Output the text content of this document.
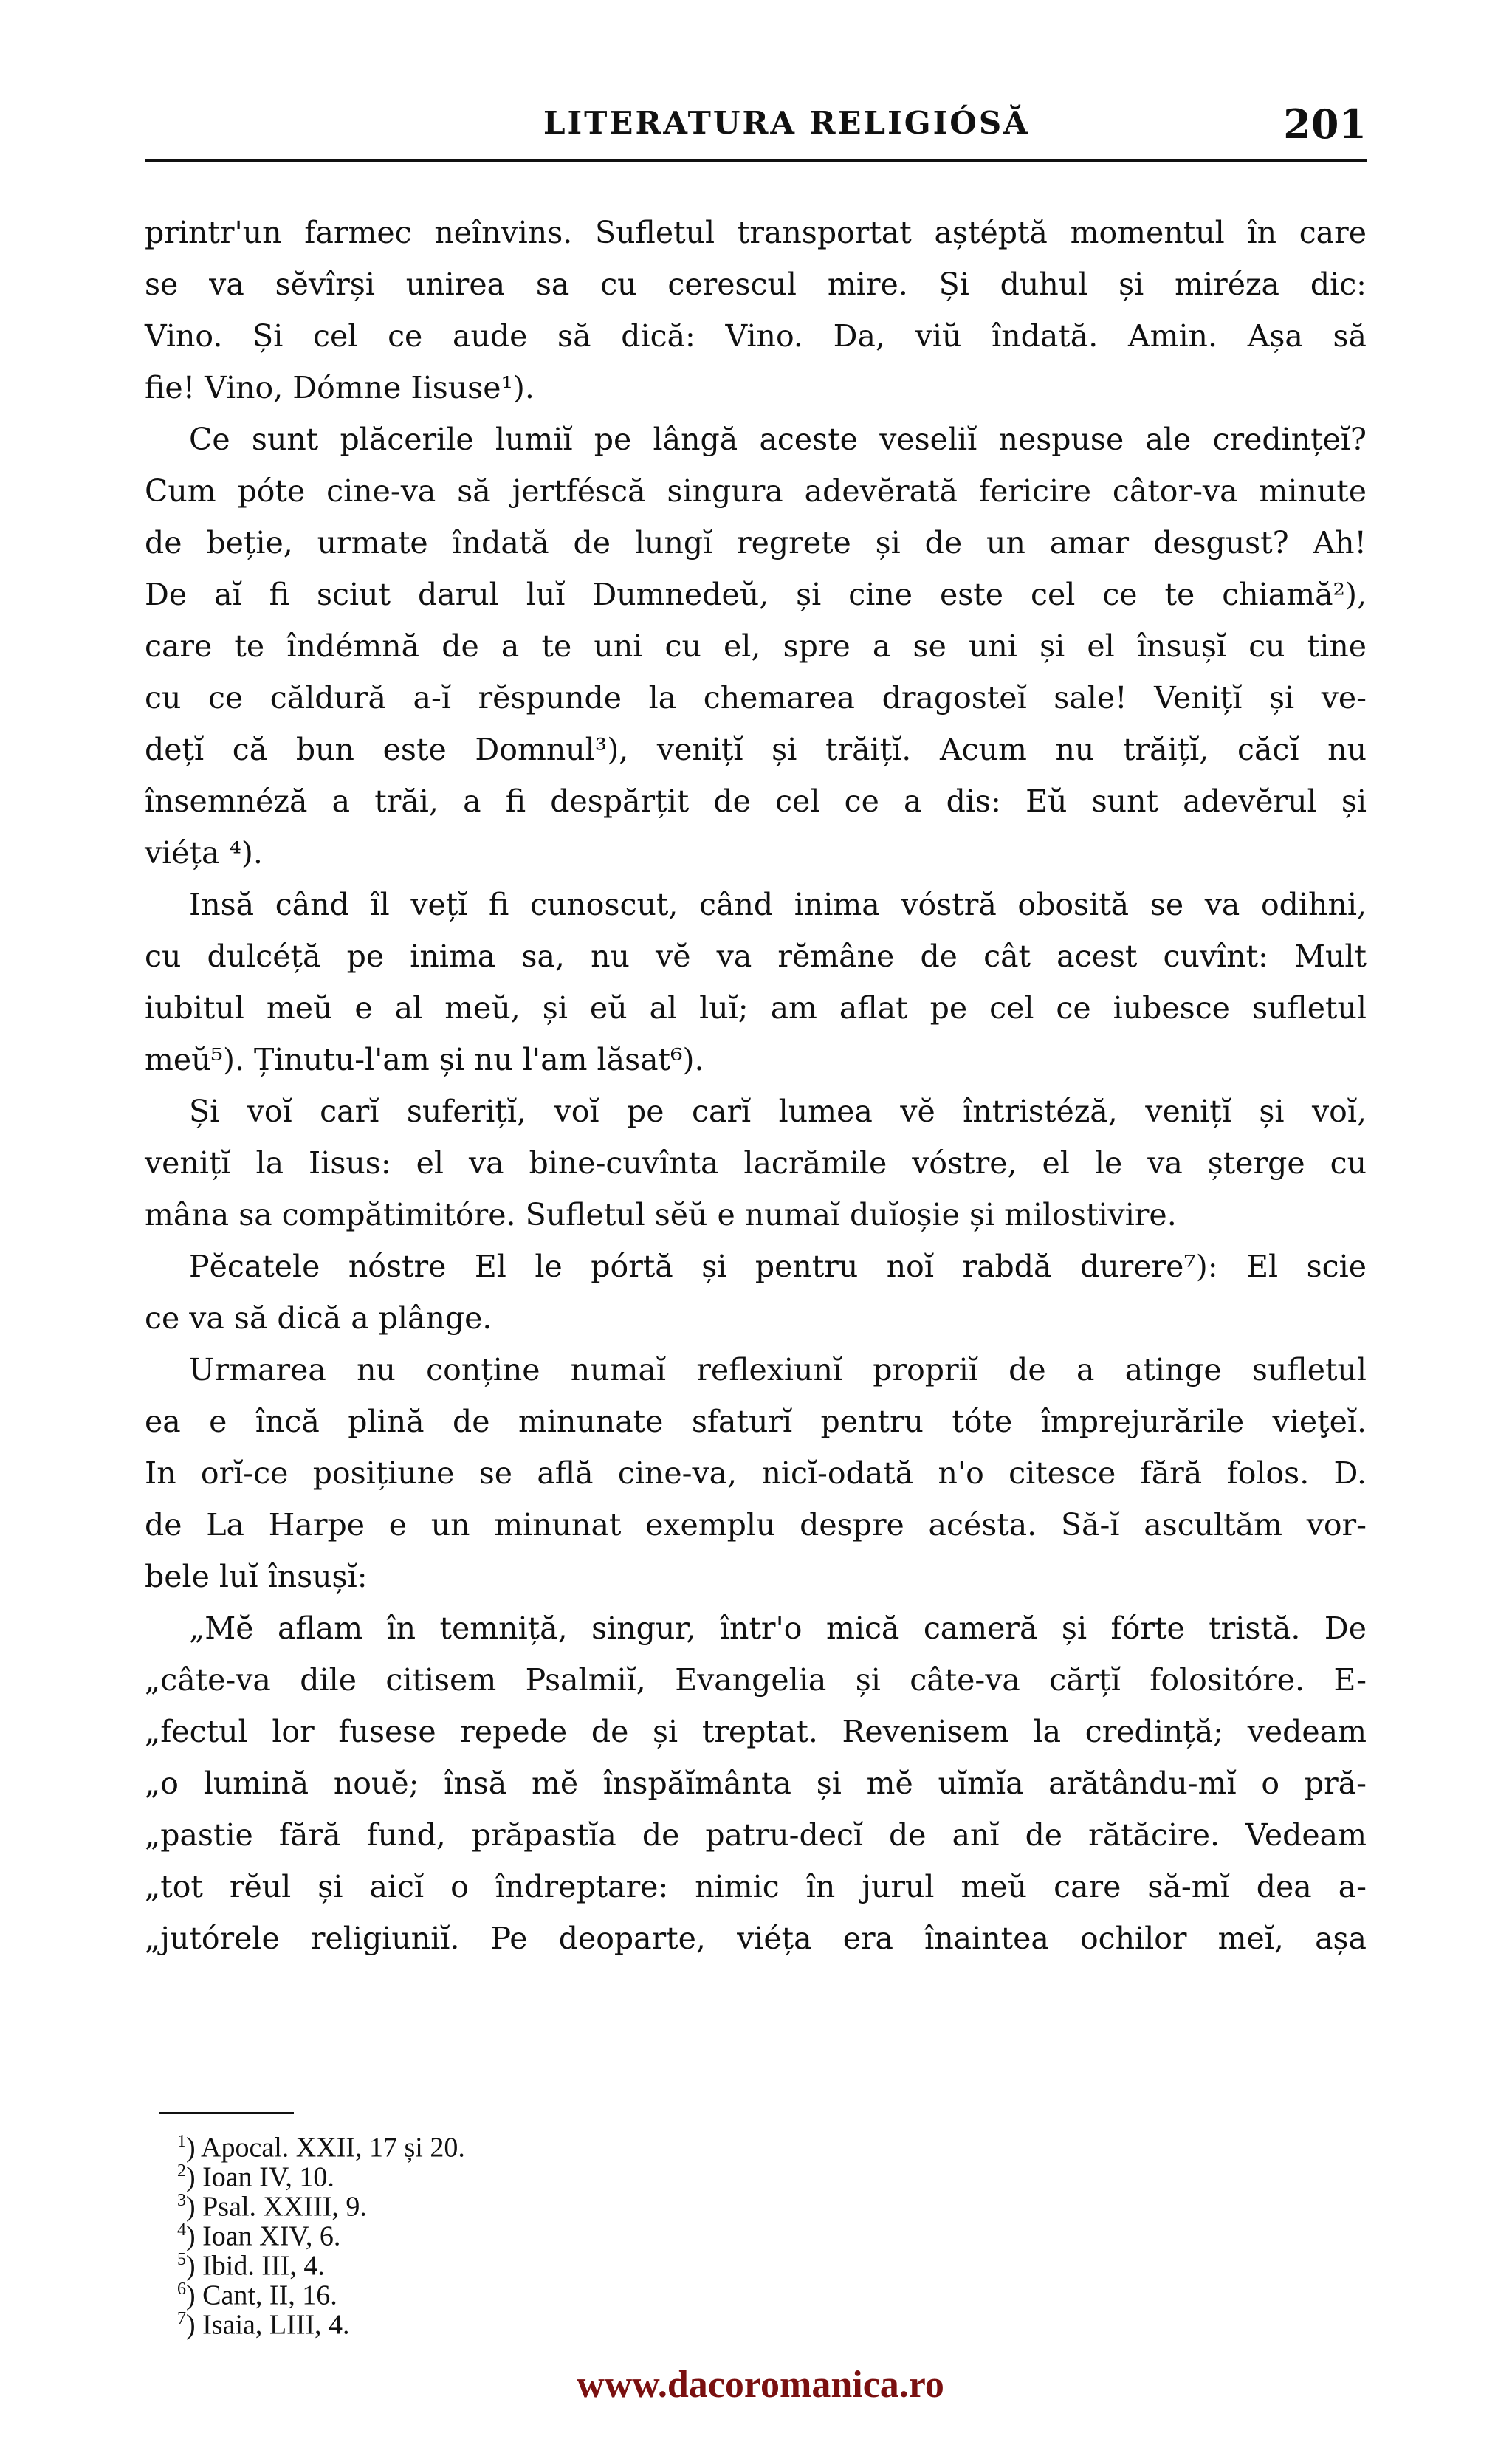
LITERATURA RELIGIÓSĂ	201
printr'un farmec neînvins. Sufletul transportat aștéptă momentul în care
se va sĕvîrși unirea sa cu cerescul mire. Și duhul și miréza dic:
Vino. Și cel ce aude să dică: Vino. Da, viŭ îndată. Amin. Așa să
fie! Vino, Dómne Iisuse¹).
Ce sunt plăcerile lumiĭ pe lângă aceste veseliĭ nespuse ale credințeĭ?
Cum póte cine-va să jertféscă singura adevĕrată fericire câtor-va minute
de beție, urmate îndată de lungĭ regrete și de un amar desgust? Ah!
De aĭ fi sciut darul luĭ Dumnedeŭ, și cine este cel ce te chiamă²),
care te îndémnă de a te uni cu el, spre a se uni și el însușĭ cu tine
cu ce căldură a-ĭ rĕspunde la chemarea dragosteĭ sale! Venițĭ și ve-
dețĭ că bun este Domnul³), venițĭ și trăițĭ. Acum nu trăițĭ, căcĭ nu
însemnéză a trăi, a fi despărțit de cel ce a dis: Eŭ sunt adevĕrul și
viéța ⁴).
Insă când îl vețĭ fi cunoscut, când inima vóstră obosită se va odihni,
cu dulcéță pe inima sa, nu vĕ va rĕmâne de cât acest cuvînt: Mult
iubitul meŭ e al meŭ, și eŭ al luĭ; am aflat pe cel ce iubesce sufletul
meŭ⁵). Ținutu-l'am și nu l'am lăsat⁶).
Și voĭ carĭ suferițĭ, voĭ pe carĭ lumea vĕ întristéză, venițĭ și voĭ,
venițĭ la Iisus: el va bine-cuvînta lacrămile vóstre, el le va șterge cu
mâna sa compătimitóre. Sufletul sĕŭ e numaĭ duĭoșie și milostivire.
Pĕcatele nóstre El le pórtă și pentru noĭ rabdă durere⁷): El scie
ce va să dică a plânge.
Urmarea nu conține numaĭ reflexiunĭ propriĭ de a atinge sufletul
ea e încă plină de minunate sfaturĭ pentru tóte împrejurările vieţeĭ.
In orĭ-ce posițiune se află cine-va, nicĭ-odată n'o citesce fără folos. D.
de La Harpe e un minunat exemplu despre acésta. Să-ĭ ascultăm vor-
bele luĭ însușĭ:
„Mĕ aflam în temniță, singur, într'o mică cameră și fórte tristă. De
„câte-va dile citisem Psalmiĭ, Evangelia și câte-va cărțĭ folositóre. E-
„fectul lor fusese repede de și treptat. Revenisem la credință; vedeam
„o lumină nouĕ; însă mĕ înspăĭmânta și mĕ uĭmĭa arătându-mĭ o pră-
„pastie fără fund, prăpastĭa de patru-decĭ de anĭ de rătăcire. Vedeam
„tot rĕul și aicĭ o îndreptare: nimic în jurul meŭ care să-mĭ dea a-
„jutórele religiuniĭ. Pe deoparte, viéța era înaintea ochilor meĭ, așa
$^1$) Apocal. XXII, 17 și 20.
$^2$) Ioan IV, 10.
$^3$) Psal. XXIII, 9.
$^4$) Ioan XIV, 6.
$^5$) Ibid. III, 4.
$^6$) Cant, II, 16.
$^7$) Isaia, LIII, 4.
www.dacoromanica.ro
